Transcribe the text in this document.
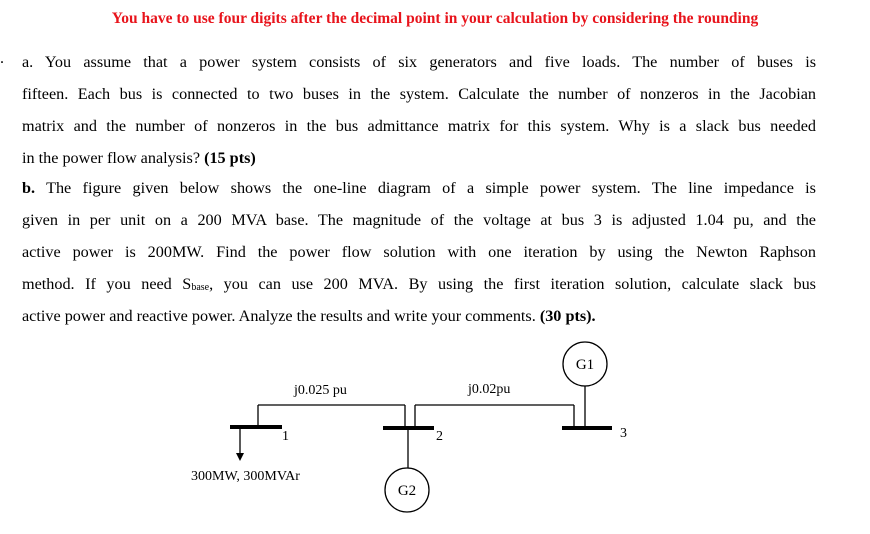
You have to use four digits after the decimal point in your calculation by considering the rounding
. a. You assume that a power system consists of six generators and five loads. The number of buses is
fifteen. Each bus is connected to two buses in the system. Calculate the number of nonzeros in the Jacobian
matrix and the number of nonzeros in the bus admittance matrix for this system. Why is a slack bus needed
in the power flow analysis? (15 pts)
b. The figure given below shows the one-line diagram of a simple power system. The line impedance is
given in per unit on a 200 MVA base. The magnitude of the voltage at bus 3 is adjusted 1.04 pu, and the
active power is 200MW. Find the power flow solution with one iteration by using the Newton Raphson
method. If you need $S_{base}$, you can use 200 MVA. By using the first iteration solution, calculate slack bus
active power and reactive power. Analyze the results and write your comments. (30 pts).
j0.025 pu	j0.02pu
1	2	3
300MW, 300MVAr
G1
G2
